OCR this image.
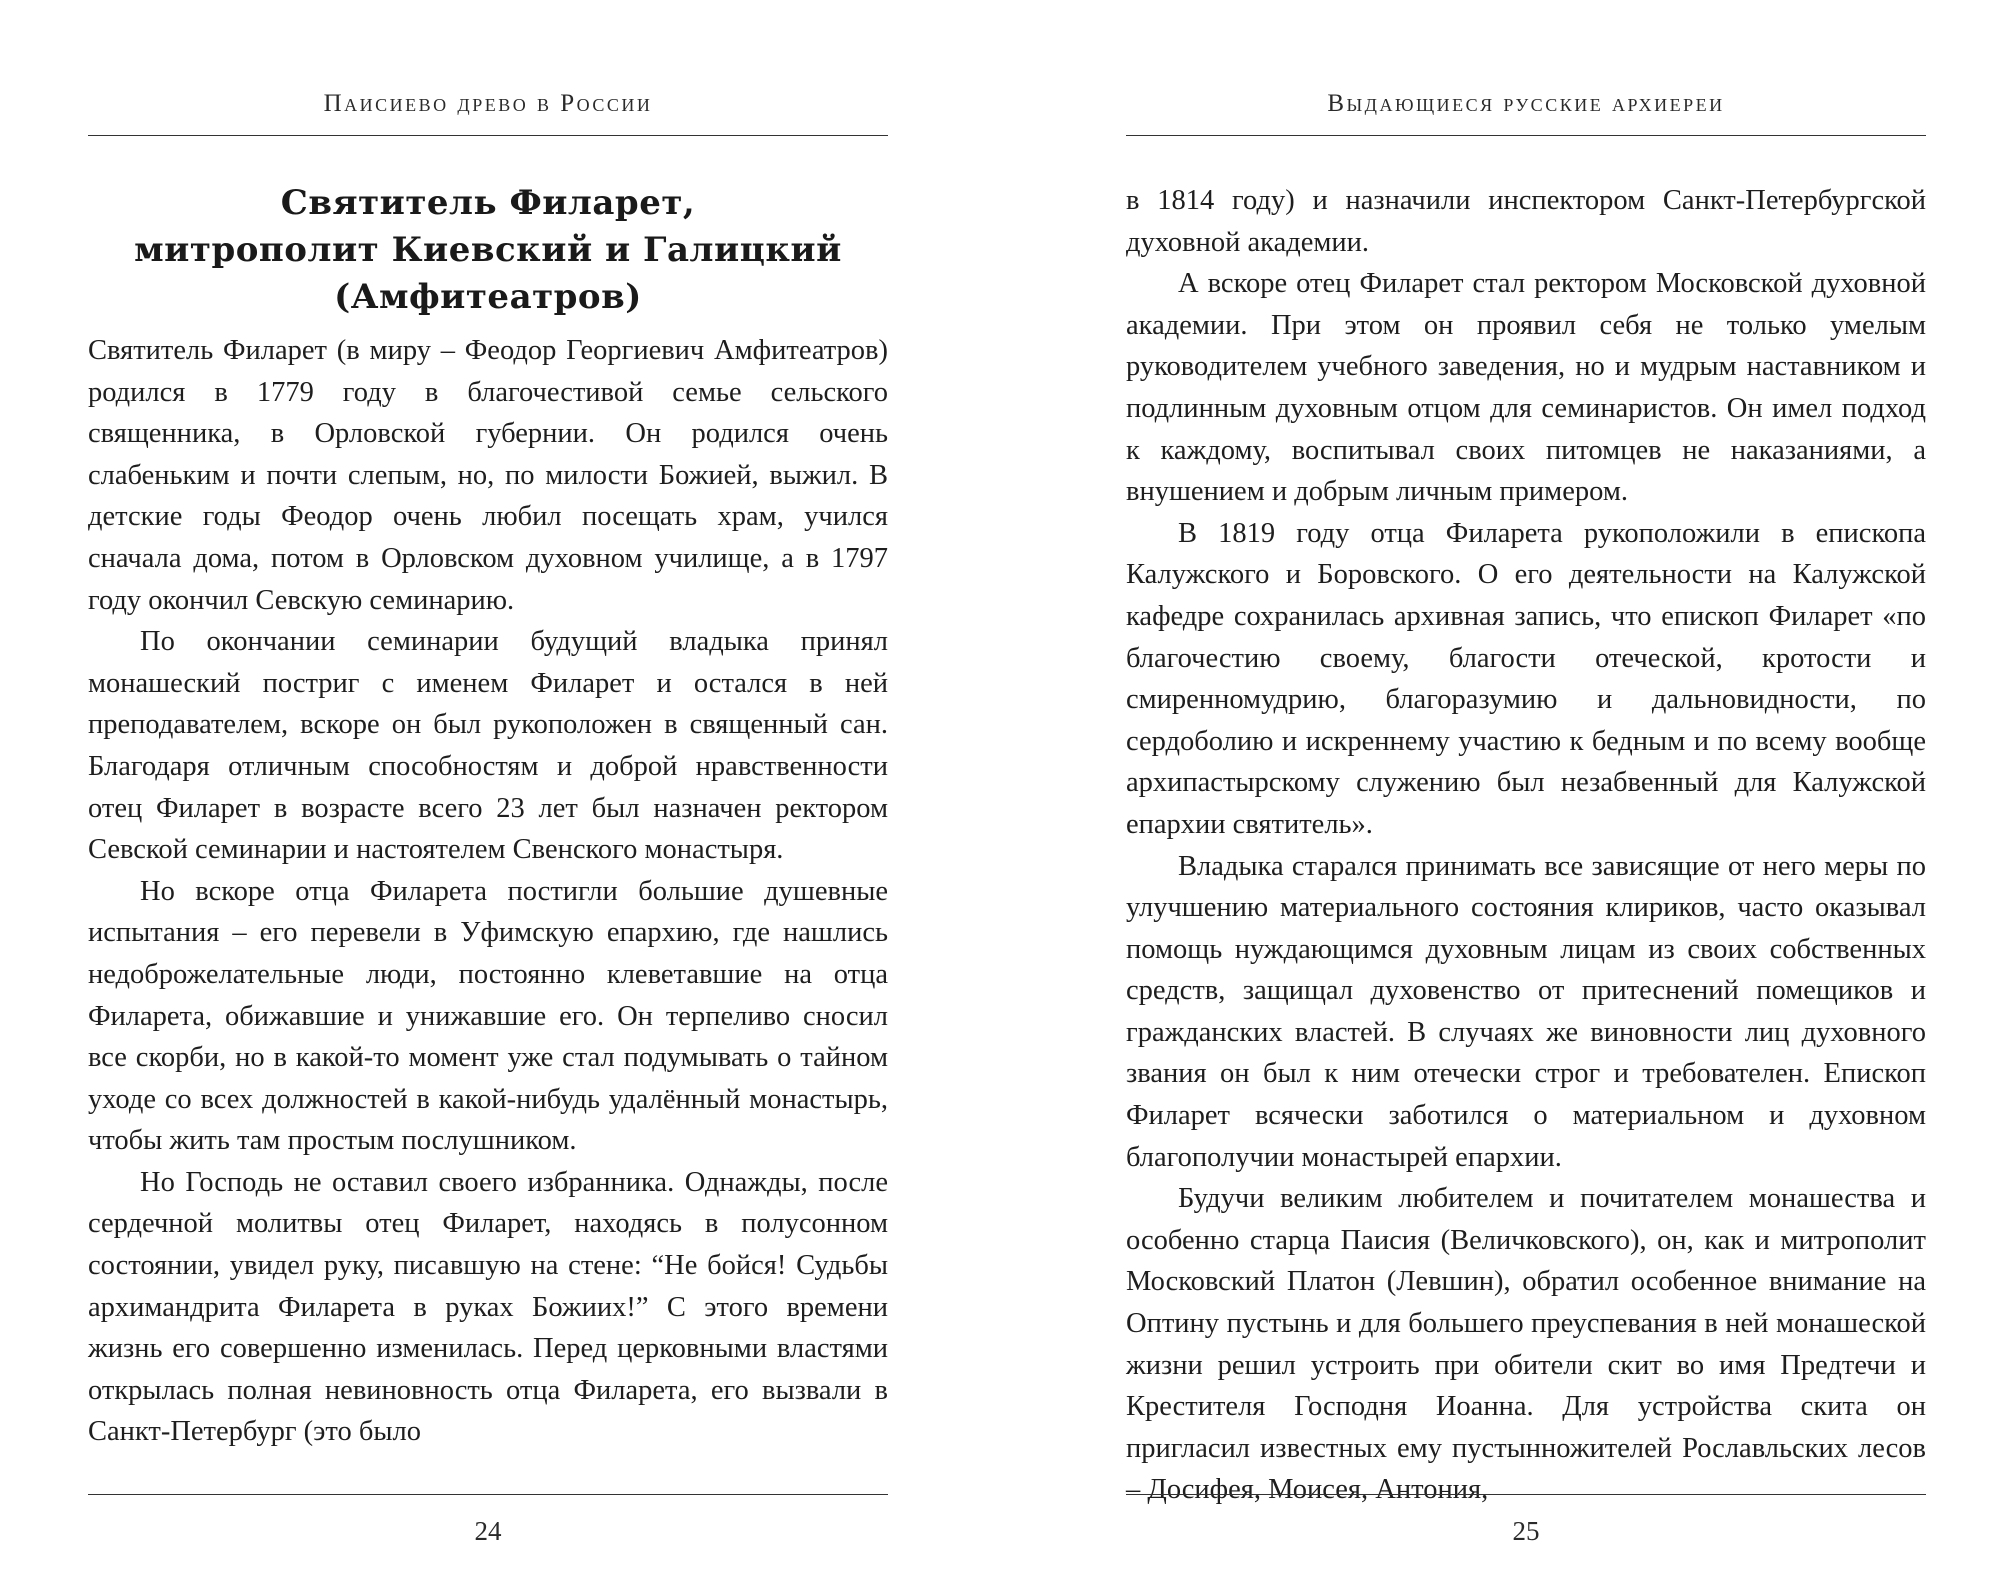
Паисиево древо в России
Святитель Филарет,
митрополит Киевский и Галицкий
(Амфитеатров)

Святитель Филарет (в миру – Феодор Георгиевич Амфитеатров) родился в 1779 году в благочестивой семье сельского священника, в Орловской губернии. Он родился очень слабеньким и почти слепым, но, по милости Божией, выжил. В детские годы Феодор очень любил посещать храм, учился сначала дома, потом в Орловском духовном училище, а в 1797 году окончил Севскую семинарию.

По окончании семинарии будущий владыка принял монашеский постриг с именем Филарет и остался в ней преподавателем, вскоре он был рукоположен в священный сан. Благодаря отличным способностям и доброй нравственности отец Филарет в возрасте всего 23 лет был назначен ректором Севской семинарии и настоятелем Свенского монастыря.

Но вскоре отца Филарета постигли большие душевные испытания – его перевели в Уфимскую епархию, где нашлись недоброжелательные люди, постоянно клеветавшие на отца Филарета, обижавшие и унижавшие его. Он терпеливо сносил все скорби, но в какой-то момент уже стал подумывать о тайном уходе со всех должностей в какой-нибудь удалённый монастырь, чтобы жить там простым послушником.

Но Господь не оставил своего избранника. Однажды, после сердечной молитвы отец Филарет, находясь в полусонном состоянии, увидел руку, писавшую на стене: “Не бойся! Судьбы архимандрита Филарета в руках Божиих!” С этого времени жизнь его совершенно изменилась. Перед церковными властями открылась полная невиновность отца Филарета, его вызвали в Санкт-Петербург (это было

24
Выдающиеся русские архиереи

в 1814 году) и назначили инспектором Санкт-Петербургской духовной академии.

А вскоре отец Филарет стал ректором Московской духовной академии. При этом он проявил себя не только умелым руководителем учебного заведения, но и мудрым наставником и подлинным духовным отцом для семинаристов. Он имел подход к каждому, воспитывал своих питомцев не наказаниями, а внушением и добрым личным примером.

В 1819 году отца Филарета рукоположили в епископа Калужского и Боровского. О его деятельности на Калужской кафедре сохранилась архивная запись, что епископ Филарет «по благочестию своему, благости отеческой, кротости и смиренномудрию, благоразумию и дальновидности, по сердоболию и искреннему участию к бедным и по всему вообще архипастырскому служению был незабвенный для Калужской епархии святитель».

Владыка старался принимать все зависящие от него меры по улучшению материального состояния клириков, часто оказывал помощь нуждающимся духовным лицам из своих собственных средств, защищал духовенство от притеснений помещиков и гражданских властей. В случаях же виновности лиц духовного звания он был к ним отечески строг и требователен. Епископ Филарет всячески заботился о материальном и духовном благополучии монастырей епархии.

Будучи великим любителем и почитателем монашества и особенно старца Паисия (Величковского), он, как и митрополит Московский Платон (Левшин), обратил особенное внимание на Оптину пустынь и для большего преуспевания в ней монашеской жизни решил устроить при обители скит во имя Предтечи и Крестителя Господня Иоанна. Для устройства скита он пригласил известных ему пустынножителей Рославльских лесов – Досифея, Моисея, Антония,

25
